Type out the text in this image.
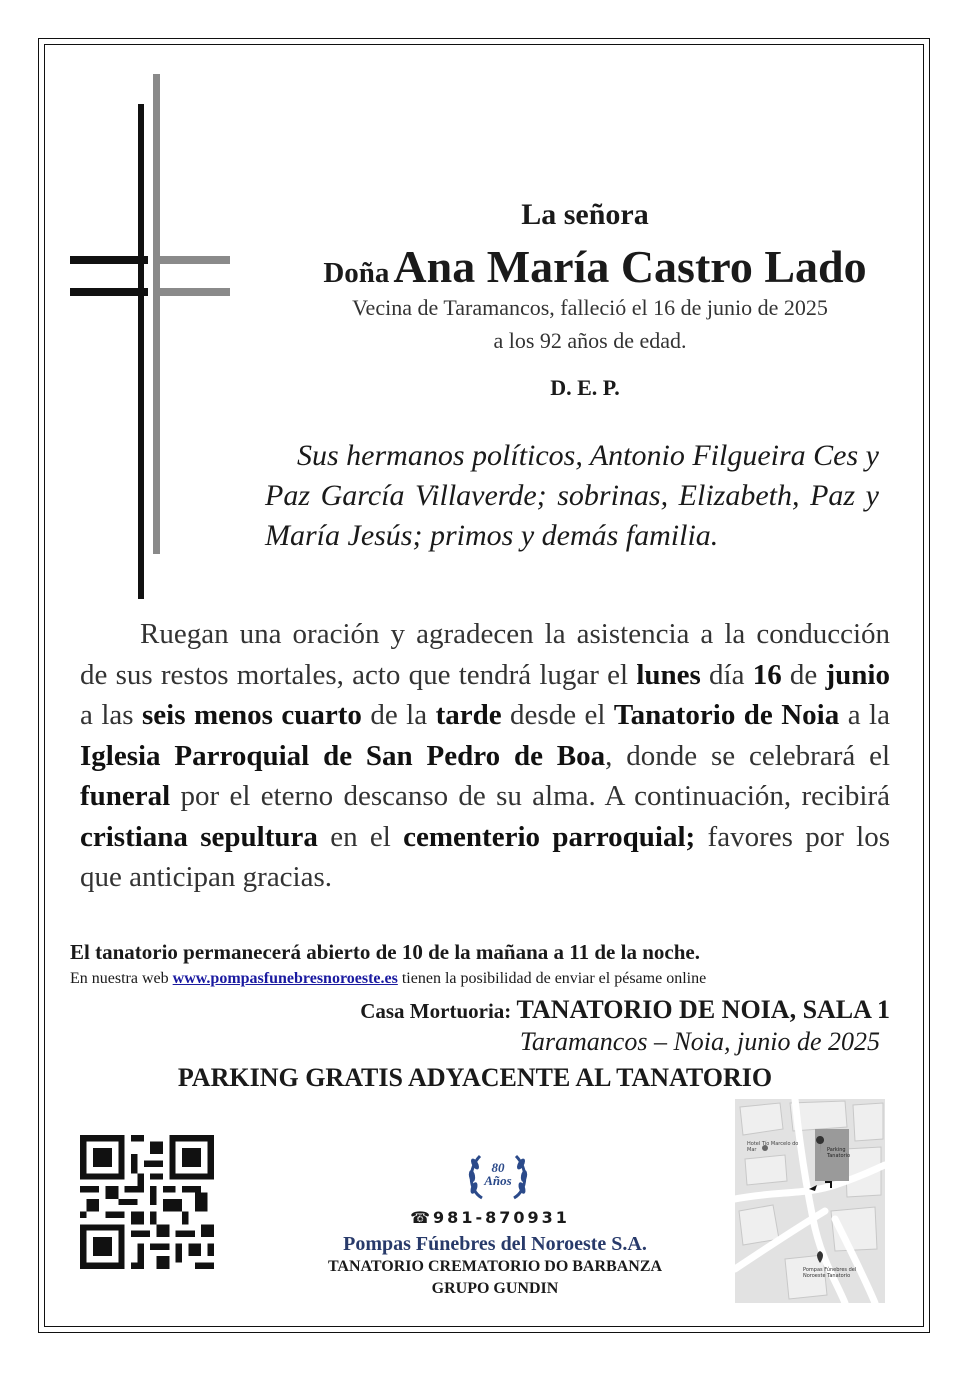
La señora
Doña Ana María Castro Lado
Vecina de Taramancos, falleció el 16 de junio de 2025
a los 92 años de edad.
D. E. P.
Sus hermanos políticos, Antonio Filgueira Ces y Paz García Villaverde; sobrinas, Elizabeth, Paz y María Jesús; primos y demás familia.
Ruegan una oración y agradecen la asistencia a la conducción de sus restos mortales, acto que tendrá lugar el lunes día 16 de junio a las seis menos cuarto de la tarde desde el Tanatorio de Noia a la Iglesia Parroquial de San Pedro de Boa, donde se celebrará el funeral por el eterno descanso de su alma. A continuación, recibirá cristiana sepultura en el cementerio parroquial; favores por los que anticipan gracias.
El tanatorio permanecerá abierto de 10 de la mañana a 11 de la noche.
En nuestra web www.pompasfunebresnoroeste.es tienen la posibilidad de enviar el pésame online
Casa Mortuoria: TANATORIO DE NOIA, SALA 1
Taramancos – Noia, junio de 2025
PARKING GRATIS ADYACENTE AL TANATORIO
80
Años
☎981-870931
Pompas Fúnebres del Noroeste S.A.
TANATORIO CREMATORIO DO BARBANZA
GRUPO GUNDIN
Hotel Tío Marcelo do Mar	Parking Tanatorio
Pompas Fúnebres del Noroeste Tanatorio
